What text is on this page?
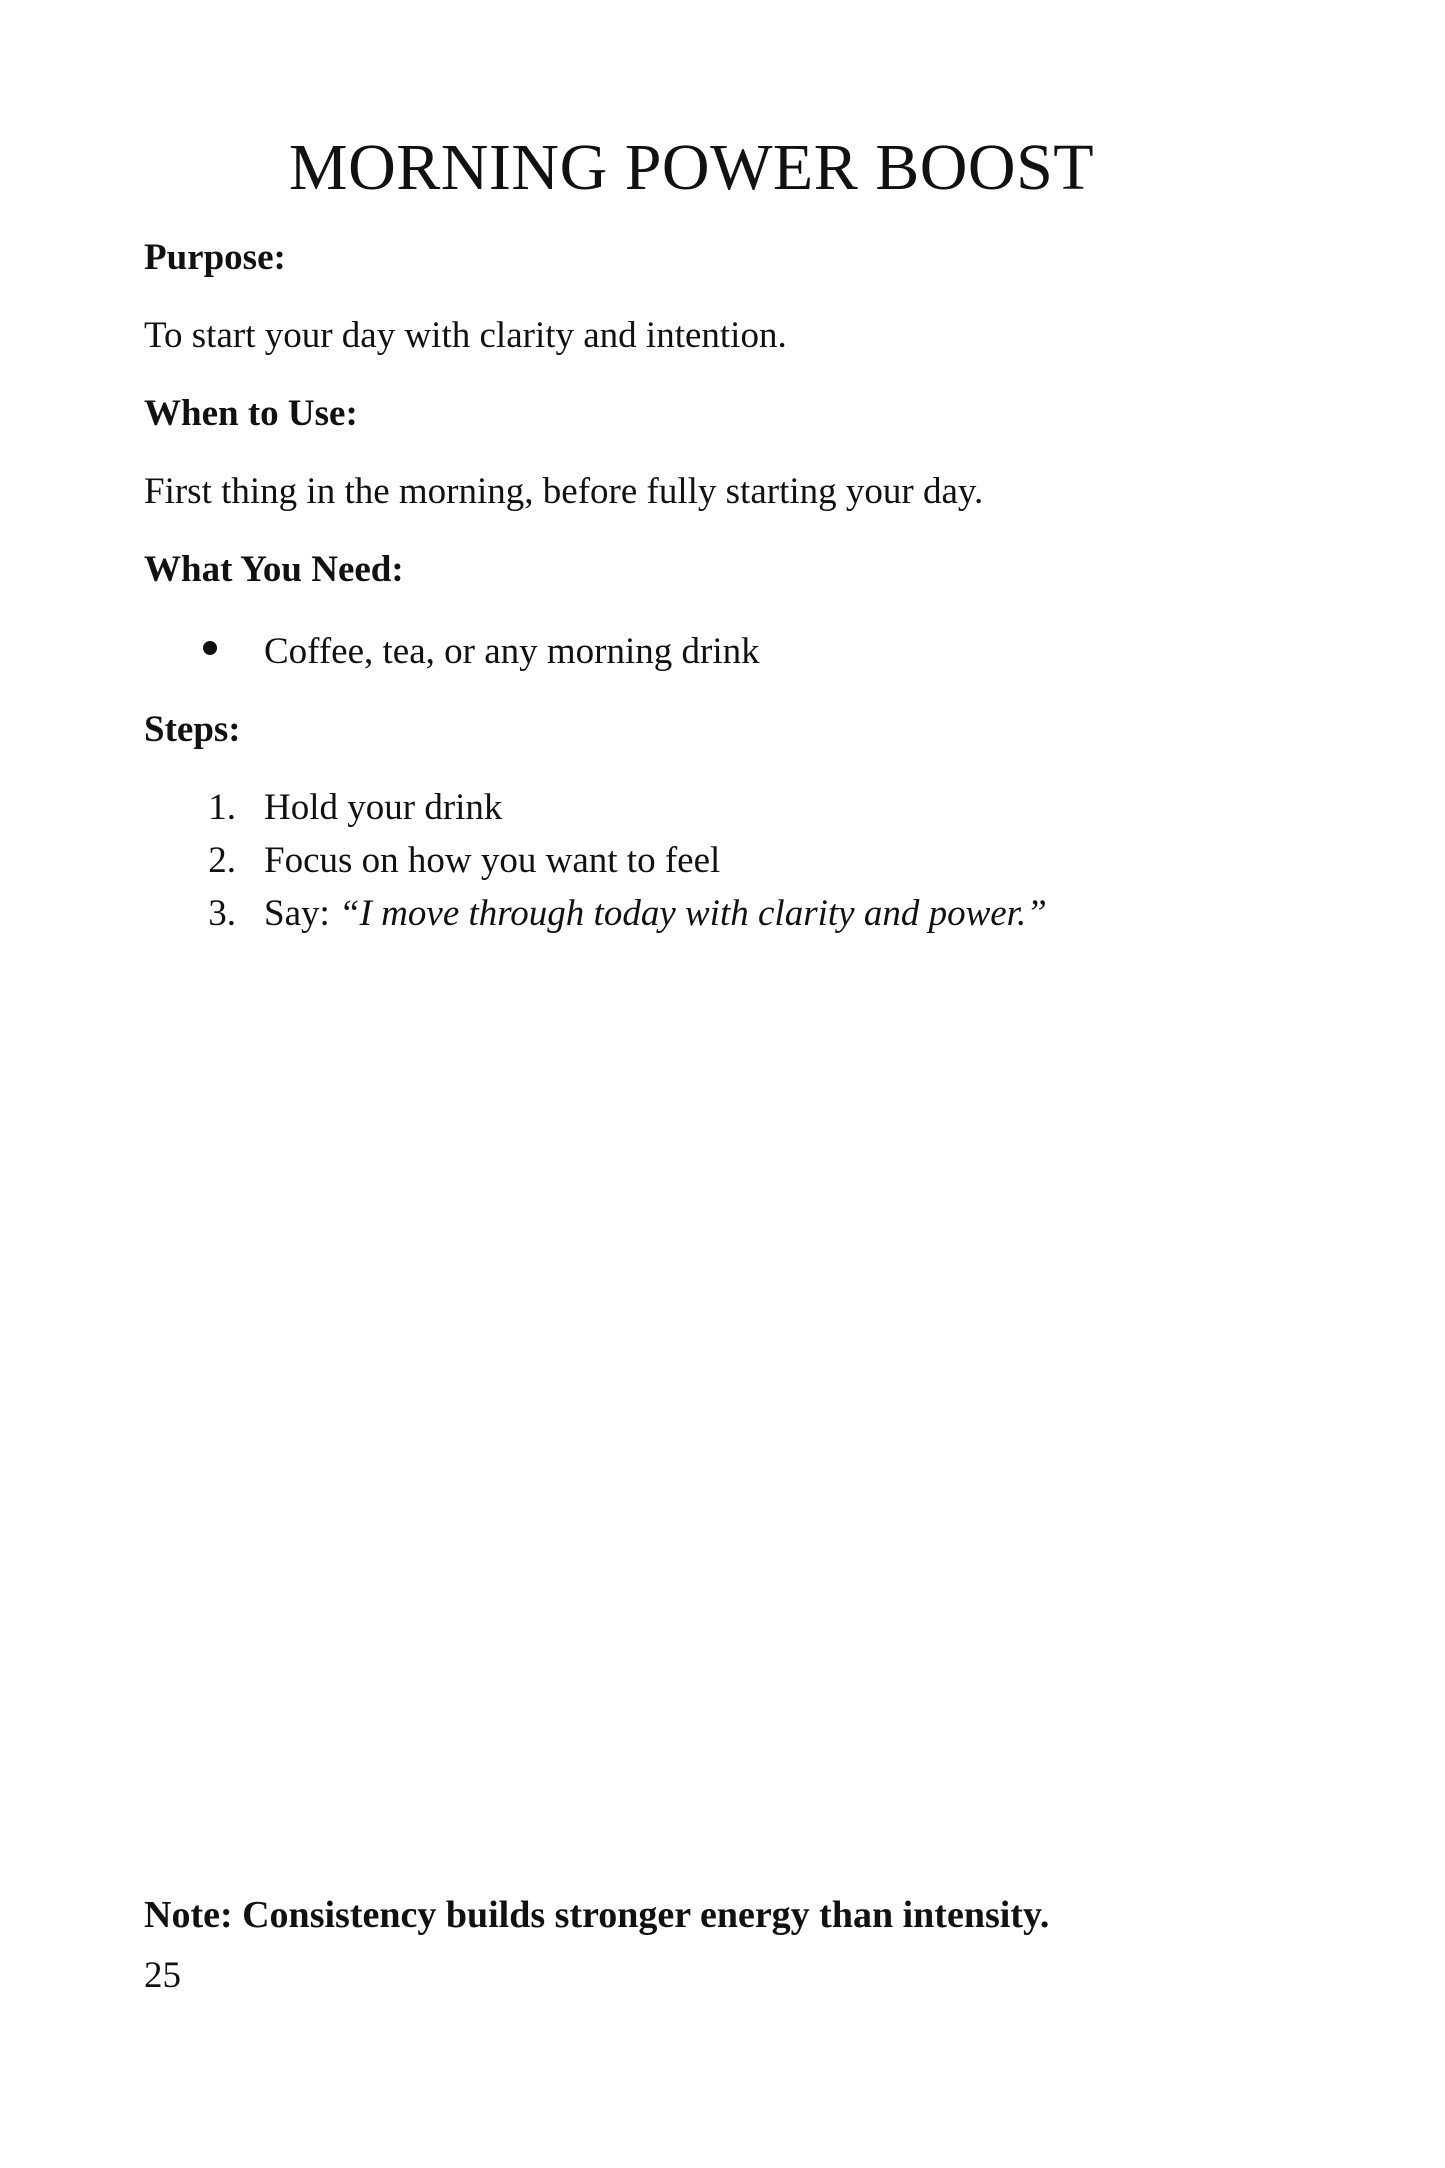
MORNING POWER BOOST
Purpose:
To start your day with clarity and intention.
When to Use:
First thing in the morning, before fully starting your day.
What You Need:
Coffee, tea, or any morning drink
Steps:
1. Hold your drink
2. Focus on how you want to feel
3. Say: “I move through today with clarity and power.”
Note: Consistency builds stronger energy than intensity.
25
